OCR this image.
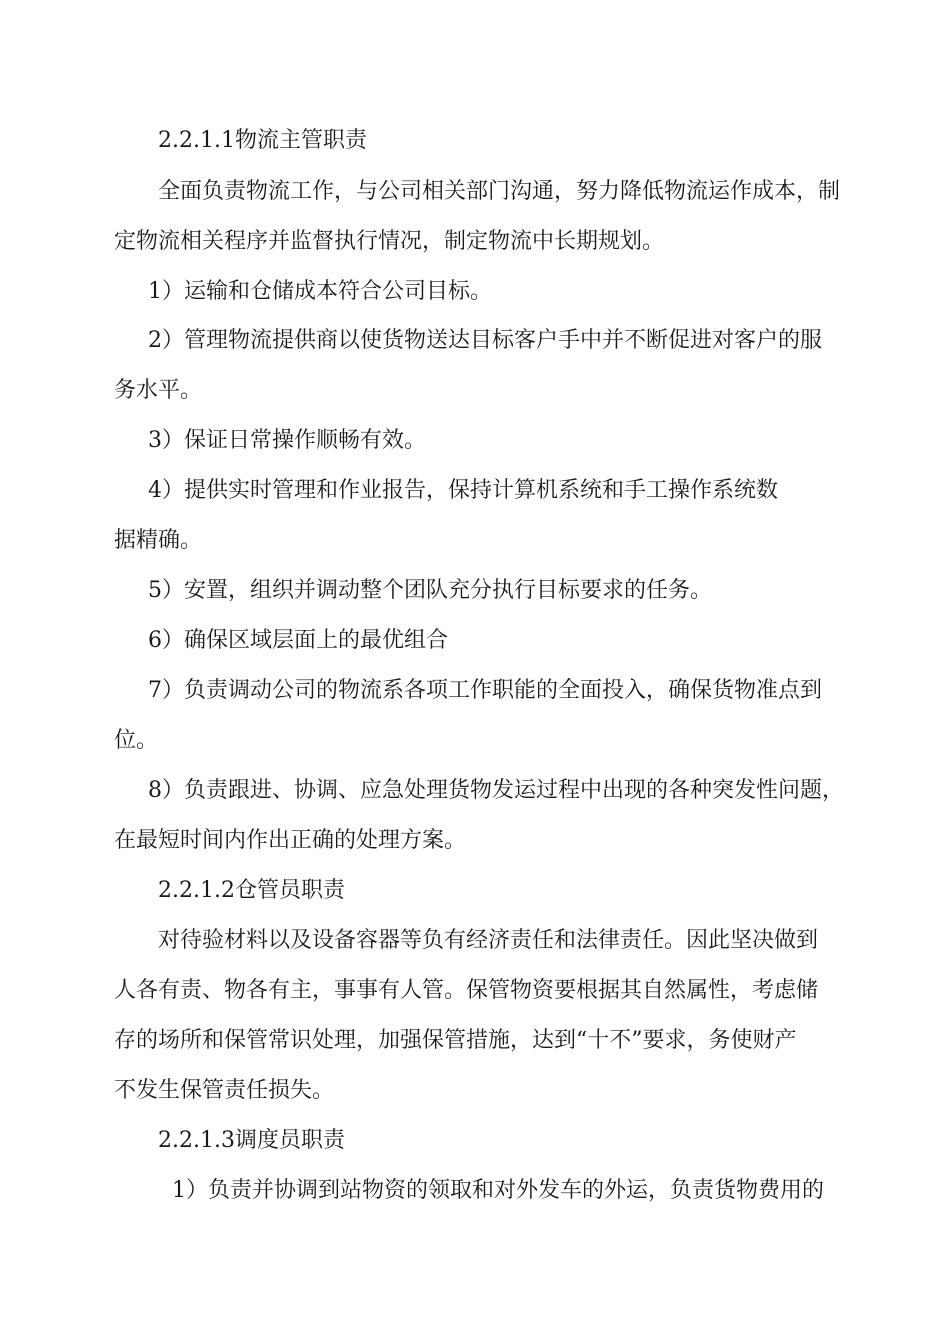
2.2.1.1物流主管职责
全面负责物流工作，与公司相关部门沟通，努力降低物流运作成本，制
定物流相关程序并监督执行情况，制定物流中长期规划。
1）运输和仓储成本符合公司目标。
2）管理物流提供商以使货物送达目标客户手中并不断促进对客户的服
务水平。
3）保证日常操作顺畅有效。
4）提供实时管理和作业报告，保持计算机系统和手工操作系统数
据精确。
5）安置，组织并调动整个团队充分执行目标要求的任务。
6）确保区域层面上的最优组合
7）负责调动公司的物流系各项工作职能的全面投入，确保货物准点到
位。
8）负责跟进、协调、应急处理货物发运过程中出现的各种突发性问题，
在最短时间内作出正确的处理方案。
2.2.1.2仓管员职责
对待验材料以及设备容器等负有经济责任和法律责任。因此坚决做到
人各有责、物各有主，事事有人管。保管物资要根据其自然属性，考虑储
存的场所和保管常识处理，加强保管措施，达到“十不”要求，务使财产
不发生保管责任损失。
2.2.1.3调度员职责
1）负责并协调到站物资的领取和对外发车的外运，负责货物费用的
